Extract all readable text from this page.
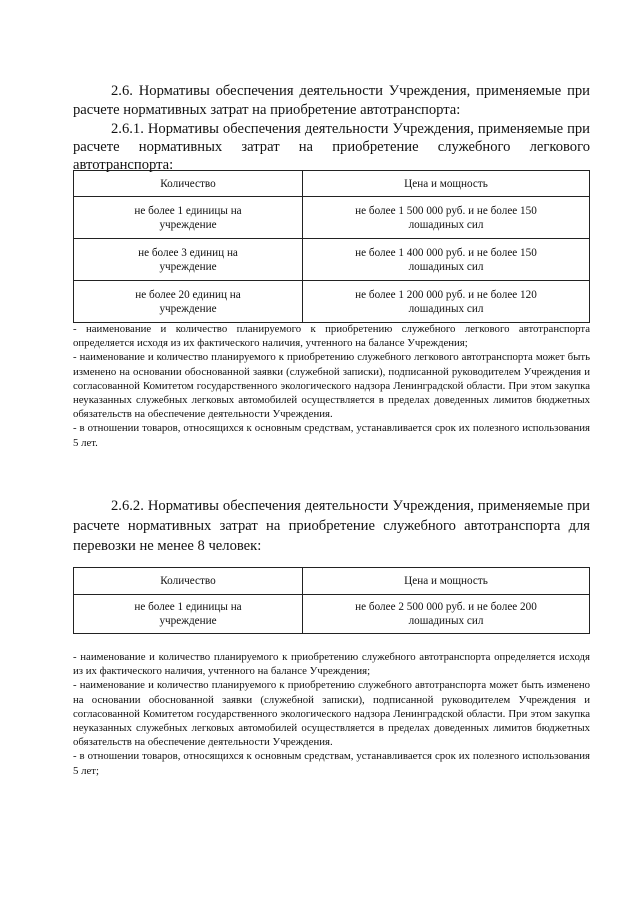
2.6. Нормативы обеспечения деятельности Учреждения, применяемые при расчете нормативных затрат на приобретение автотранспорта:
2.6.1. Нормативы обеспечения деятельности Учреждения, применяемые при расчете нормативных затрат на приобретение служебного легкового автотранспорта:
Количество	Цена и мощность
не более 1 единицы на учреждение	не более 1 500 000 руб. и не более 150 лошадиных сил
не более 3 единиц на учреждение	не более 1 400 000 руб. и не более 150 лошадиных сил
не более 20 единиц на учреждение	не более 1 200 000 руб. и не более 120 лошадиных сил

- наименование и количество планируемого к приобретению служебного легкового автотранспорта определяется исходя из их фактического наличия, учтенного на балансе Учреждения;

- наименование и количество планируемого к приобретению служебного легкового автотранспорта может быть изменено на основании обоснованной заявки (служебной записки), подписанной руководителем Учреждения и согласованной Комитетом государственного экологического надзора Ленинградской области. При этом закупка неуказанных служебных легковых автомобилей осуществляется в пределах доведенных лимитов бюджетных обязательств на обеспечение деятельности Учреждения.

- в отношении товаров, относящихся к основным средствам, устанавливается срок их полезного использования 5 лет.

2.6.2. Нормативы обеспечения деятельности Учреждения, применяемые при расчете нормативных затрат на приобретение служебного автотранспорта для перевозки не менее 8 человек:
Количество	Цена и мощность
не более 1 единицы на учреждение	не более 2 500 000 руб. и не более 200 лошадиных сил

- наименование и количество планируемого к приобретению служебного автотранспорта определяется исходя из их фактического наличия, учтенного на балансе Учреждения;

- наименование и количество планируемого к приобретению служебного автотранспорта может быть изменено на основании обоснованной заявки (служебной записки), подписанной руководителем Учреждения и согласованной Комитетом государственного экологического надзора Ленинградской области. При этом закупка неуказанных служебных легковых автомобилей осуществляется в пределах доведенных лимитов бюджетных обязательств на обеспечение деятельности Учреждения.

- в отношении товаров, относящихся к основным средствам, устанавливается срок их полезного использования 5 лет;
